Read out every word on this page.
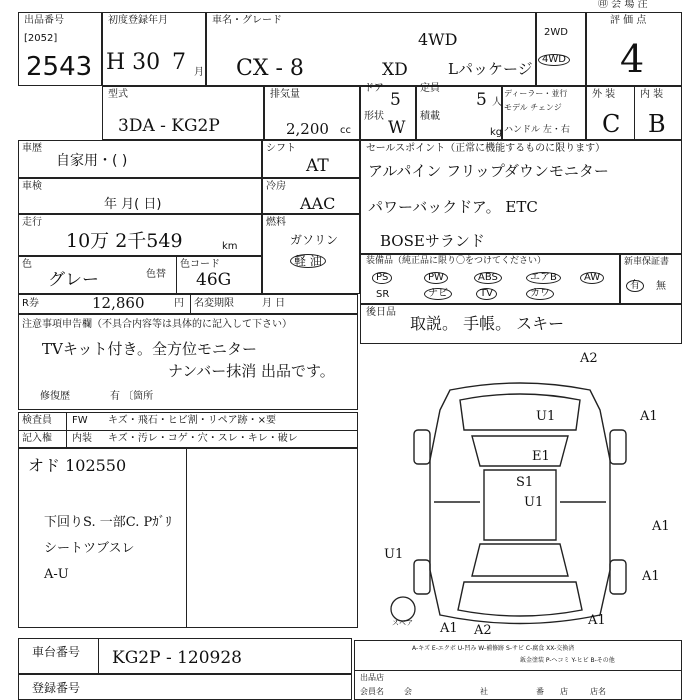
出品番号
[2052]
2543
初度登録年月
H 30 7 月
車名・グレード
4WD
CX - 8	XD	Lパッケージ
2WD
4WD
㊞ 会 場 注
評 価 点
4
型式
3DA - KG2P
排気量
2,200 cc
ドア
5
形状
W
定員
5 人
積載
kg
ディーラー・並行
モデル チェンジ
ハンドル 左・右
外 装 内 装
C B
車歴
自家用・( )
車検
年 月( 日)
走行
10万 2千549	km
色
グレー	色替
色コード
46G
R券	12,860	円 名変期限	月 日
注意事項申告欄（不具合内容等は具体的に記入して下さい）
TVキット付き。全方位モニター
ナンバー抹消 出品です。
修復歴	有 〔箇所
検査員
記入権
FW キズ・飛石・ヒビ割・リペア跡・×要
内装 キズ・汚レ・コゲ・穴・スレ・キレ・破レ
オド 102550
下回りS. 一部C. Pｶﾞﾘ
シートツブスレ
A-U
車台番号 KG2P - 120928
登録番号
シフト
AT
冷房
AAC
燃料
ガソリン
軽 油
セールスポイント（正常に機能するものに限ります）
アルパイン フリップダウンモニター
パワーバックドア。 ETC
BOSEサランド
装備品（純正品に限り〇をつけてください）
PS	PW	ABS	エアB	AW
SR	ナビ	TV	カワ
新車保証書
有	無
後日品
取説。 手帳。 スキー
スペア
A2
A1
U1
E1
S1
U1
A1
U1
A1
A1 A2
A1
A-キズ E-エクボ U-凹み W-補修跡 S-サビ C-腐食 XX-交換済
鈑金塗装 P-ヘコミ Y-ヒビ B-その他
出品店
会員名	会	社	番 店	店名
